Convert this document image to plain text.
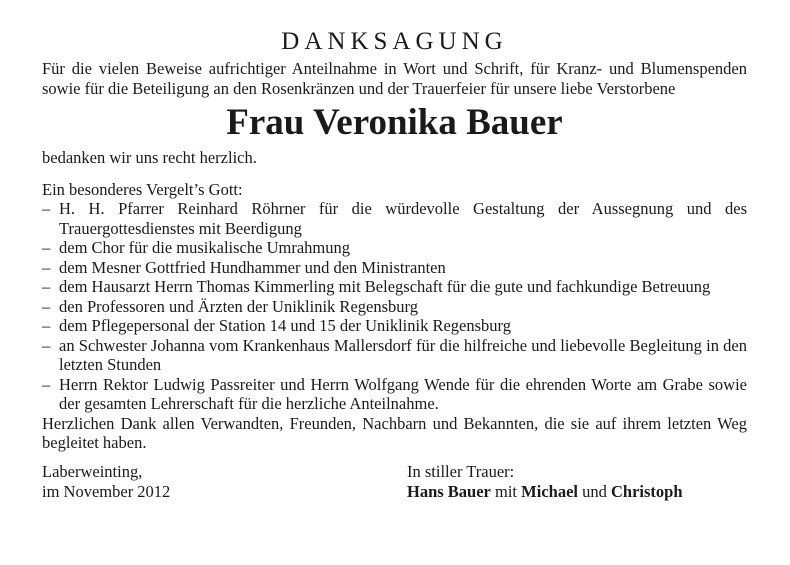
DANKSAGUNG

Für die vielen Beweise aufrichtiger Anteilnahme in Wort und Schrift, für Kranz- und Blumenspenden sowie für die Beteiligung an den Rosenkränzen und der Trauerfeier für unsere liebe Verstorbene

Frau Veronika Bauer

bedanken wir uns recht herzlich.

Ein besonderes Vergelt’s Gott:

– H. H. Pfarrer Reinhard Röhrner für die würdevolle Gestaltung der Aussegnung und des Trauergottesdienstes mit Beerdigung
– dem Chor für die musikalische Umrahmung
– dem Mesner Gottfried Hundhammer und den Ministranten
– dem Hausarzt Herrn Thomas Kimmerling mit Belegschaft für die gute und fachkundige Betreuung
– den Professoren und Ärzten der Uniklinik Regensburg
– dem Pflegepersonal der Station 14 und 15 der Uniklinik Regensburg
– an Schwester Johanna vom Krankenhaus Mallersdorf für die hilfreiche und liebevolle Begleitung in den letzten Stunden
– Herrn Rektor Ludwig Passreiter und Herrn Wolfgang Wende für die ehrenden Worte am Grabe sowie der gesamten Lehrerschaft für die herzliche Anteilnahme.

Herzlichen Dank allen Verwandten, Freunden, Nachbarn und Bekannten, die sie auf ihrem letzten Weg begleitet haben.

Laberweinting,
im November 2012
In stiller Trauer:
Hans Bauer mit Michael und Christoph
